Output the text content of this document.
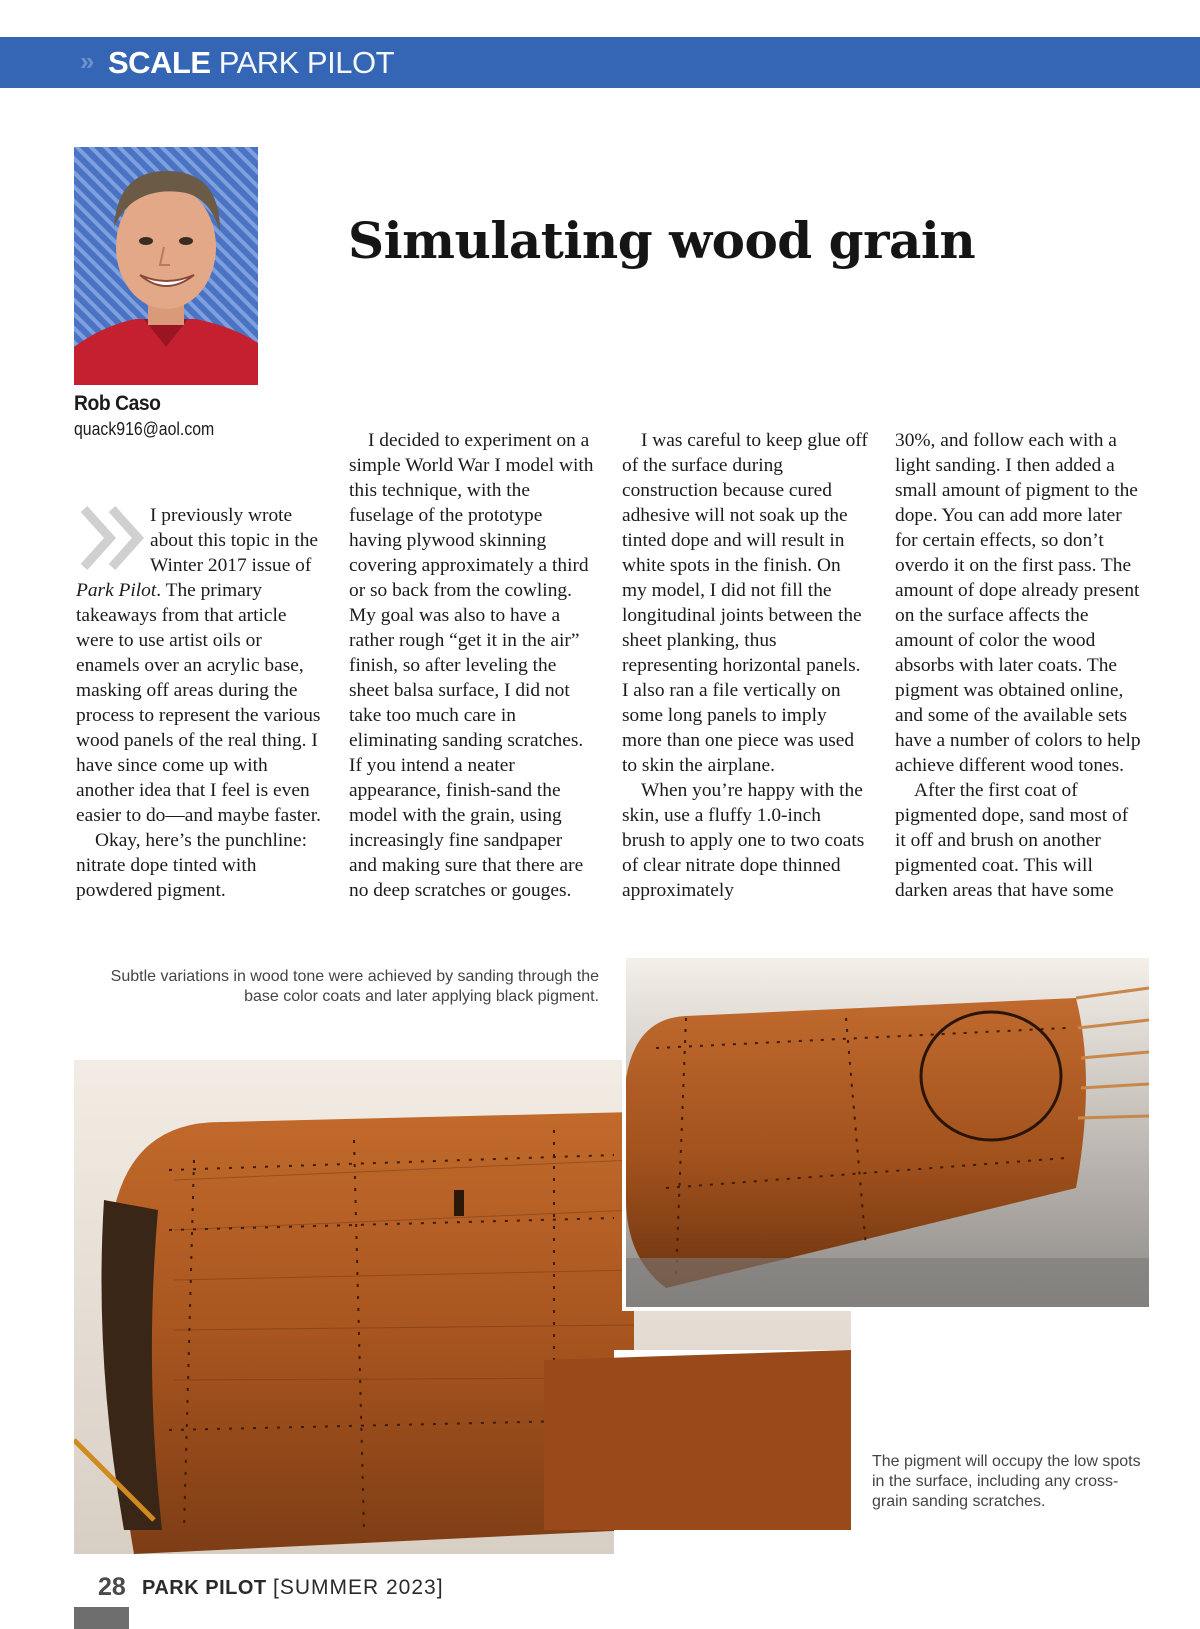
» SCALE PARK PILOT
Rob Caso
quack916@aol.com
Simulating wood grain

I previously wrote about this topic in the Winter 2017 issue of Park Pilot. The primary takeaways from that article were to use artist oils or enamels over an acrylic base, masking off areas during the process to represent the various wood panels of the real thing. I have since come up with another idea that I feel is even easier to do—and maybe faster.

Okay, here’s the punchline: nitrate dope tinted with powdered pigment.

I decided to experiment on a simple World War I model with this technique, with the fuselage of the prototype having plywood skinning covering approximately a third or so back from the cowling. My goal was also to have a rather rough “get it in the air” finish, so after leveling the sheet balsa surface, I did not take too much care in eliminating sanding scratches. If you intend a neater appearance, finish-sand the model with the grain, using increasingly fine sandpaper and making sure that there are no deep scratches or gouges.

I was careful to keep glue off of the surface during construction because cured adhesive will not soak up the tinted dope and will result in white spots in the finish. On my model, I did not fill the longitudinal joints between the sheet planking, thus representing horizontal panels. I also ran a file vertically on some long panels to imply more than one piece was used to skin the airplane.

When you’re happy with the skin, use a fluffy 1.0-inch brush to apply one to two coats of clear nitrate dope thinned approximately

30%, and follow each with a light sanding. I then added a small amount of pigment to the dope. You can add more later for certain effects, so don’t overdo it on the first pass. The amount of dope already present on the surface affects the amount of color the wood absorbs with later coats. The pigment was obtained online, and some of the available sets have a number of colors to help achieve different wood tones.

After the first coat of pigmented dope, sand most of it off and brush on another pigmented coat. This will darken areas that have some

Subtle variations in wood tone were achieved by sanding through the base color coats and later applying black pigment.
The pigment will occupy the low spots in the surface, including any cross-grain sanding scratches.
28 PARK PILOT [SUMMER 2023]
